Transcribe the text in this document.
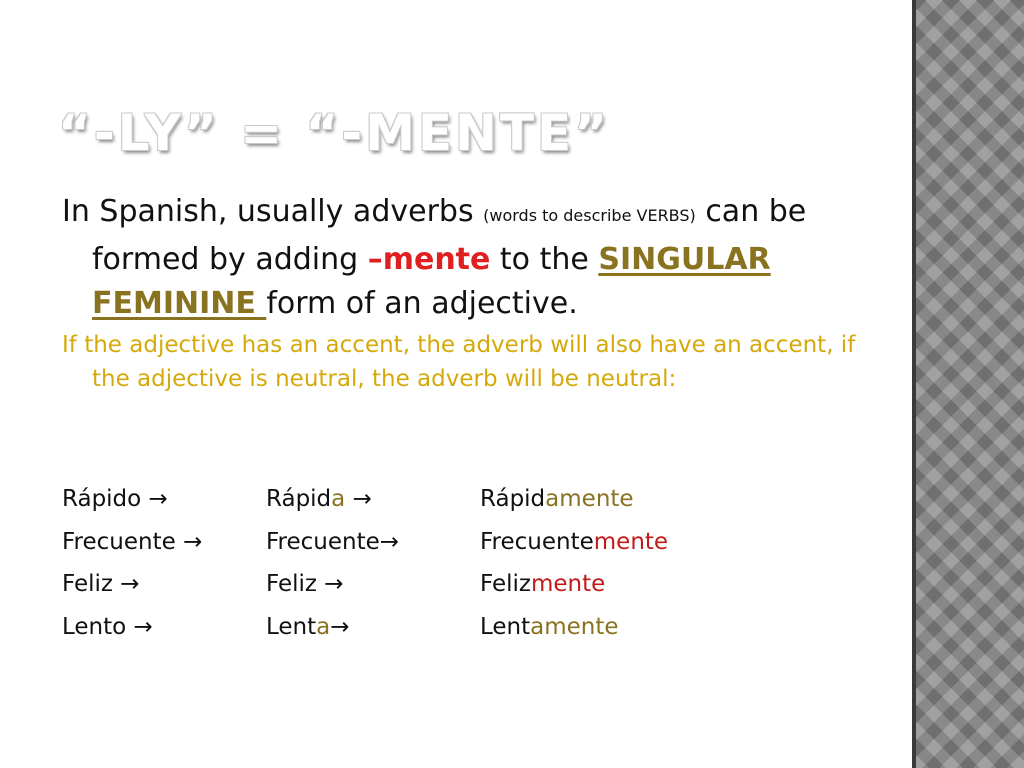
“-LY” = “-MENTE”

In Spanish, usually adverbs (words to describe VERBS) can be formed by adding –mente to the SINGULAR FEMININE form of an adjective.

If the adjective has an accent, the adverb will also have an accent, if the adjective is neutral, the adverb will be neutral:

Rápido →	Rápida →	Rápidamente
Frecuente →	Frecuente→	Frecuentemente
Feliz →	Feliz →	Felizmente
Lento →	Lenta→	Lentamente
